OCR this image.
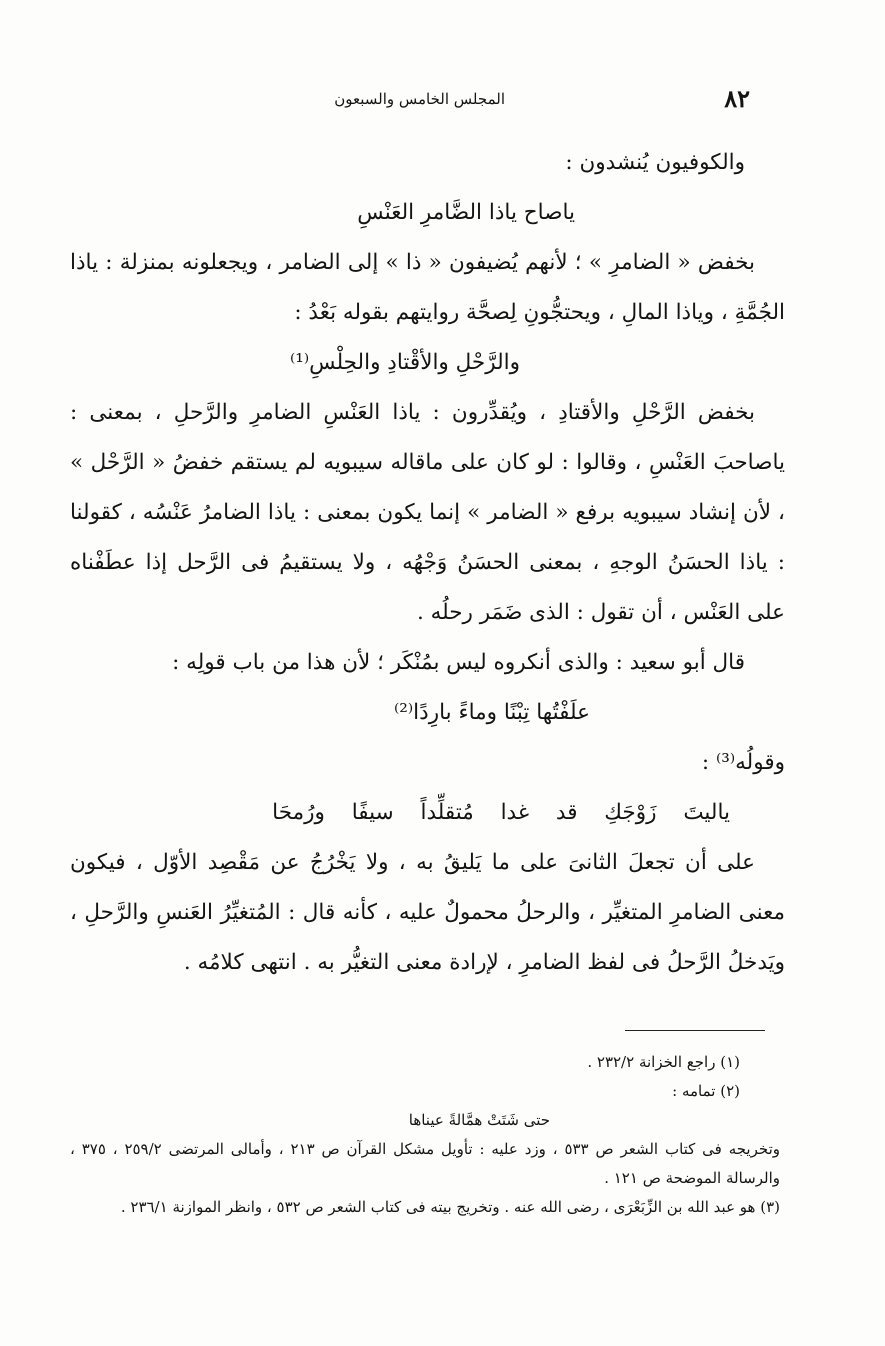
٨٢
المجلس الخامس والسبعون

والكوفيون يُنشدون :

ياصاح ياذا الضَّامرِ العَنْسِ

بخفض « الضامرِ » ؛ لأنهم يُضيفون « ذا » إلى الضامر ، ويجعلونه بمنزلة : ياذا الجُمَّةِ ، وياذا المالِ ، ويحتجُّونِ لِصحَّة روايتهم بقوله بَعْدُ :

والرَّحْلِ والأقْتادِ والحِلْسِ⁽¹⁾

بخفض الرَّحْلِ والأقتادِ ، ويُقدِّرون : ياذا العَنْسِ الضامرِ والرَّحلِ ، بمعنى : ياصاحبَ العَنْسِ ، وقالوا : لو كان على ماقاله سيبويه لم يستقم خفضُ « الرَّحْل » ، لأن إنشاد سيبويه برفع « الضامر » إنما يكون بمعنى : ياذا الضامرُ عَنْسُه ، كقولنا : ياذا الحسَنُ الوجهِ ، بمعنى الحسَنُ وَجْهُه ، ولا يستقيمُ فى الرَّحل إذا عطَفْناه على العَنْس ، أن تقول : الذى ضَمَر رحلُه .

قال أبو سعيد : والذى أنكروه ليس بمُنْكَر ؛ لأن هذا من باب قولِه :

علَفْتُها تِبْنًا وماءً بارِدًا⁽²⁾

وقولُه⁽³⁾ :

ياليتَ زَوْجَكِ قد غدا مُتقلِّداً سيفًا ورُمحَا

على أن تجعلَ الثانىَ على ما يَليقُ به ، ولا يَخْرُجُ عن مَقْصِد الأوّل ، فيكون معنى الضامرِ المتغيِّر ، والرحلُ محمولٌ عليه ، كأنه قال : المُتغيِّرُ العَنسِ والرَّحلِ ، ويَدخلُ الرَّحلُ فى لفظ الضامرِ ، لإرادة معنى التغيُّر به . انتهى كلامُه .

(١) راجع الخزانة ٢٣٢/٢ .

(٢) تمامه :

حتى شَتَتْ همَّالةً عيناها

وتخريجه فى كتاب الشعر ص ٥٣٣ ، وزد عليه : تأويل مشكل القرآن ص ٢١٣ ، وأمالى المرتضى ٢٥٩/٢ ، ٣٧٥ ، والرسالة الموضحة ص ١٢١ .

(٣) هو عبد الله بن الزِّبَعْرَى ، رضى الله عنه . وتخريج بيته فى كتاب الشعر ص ٥٣٢ ، وانظر الموازنة ٢٣٦/١ .
